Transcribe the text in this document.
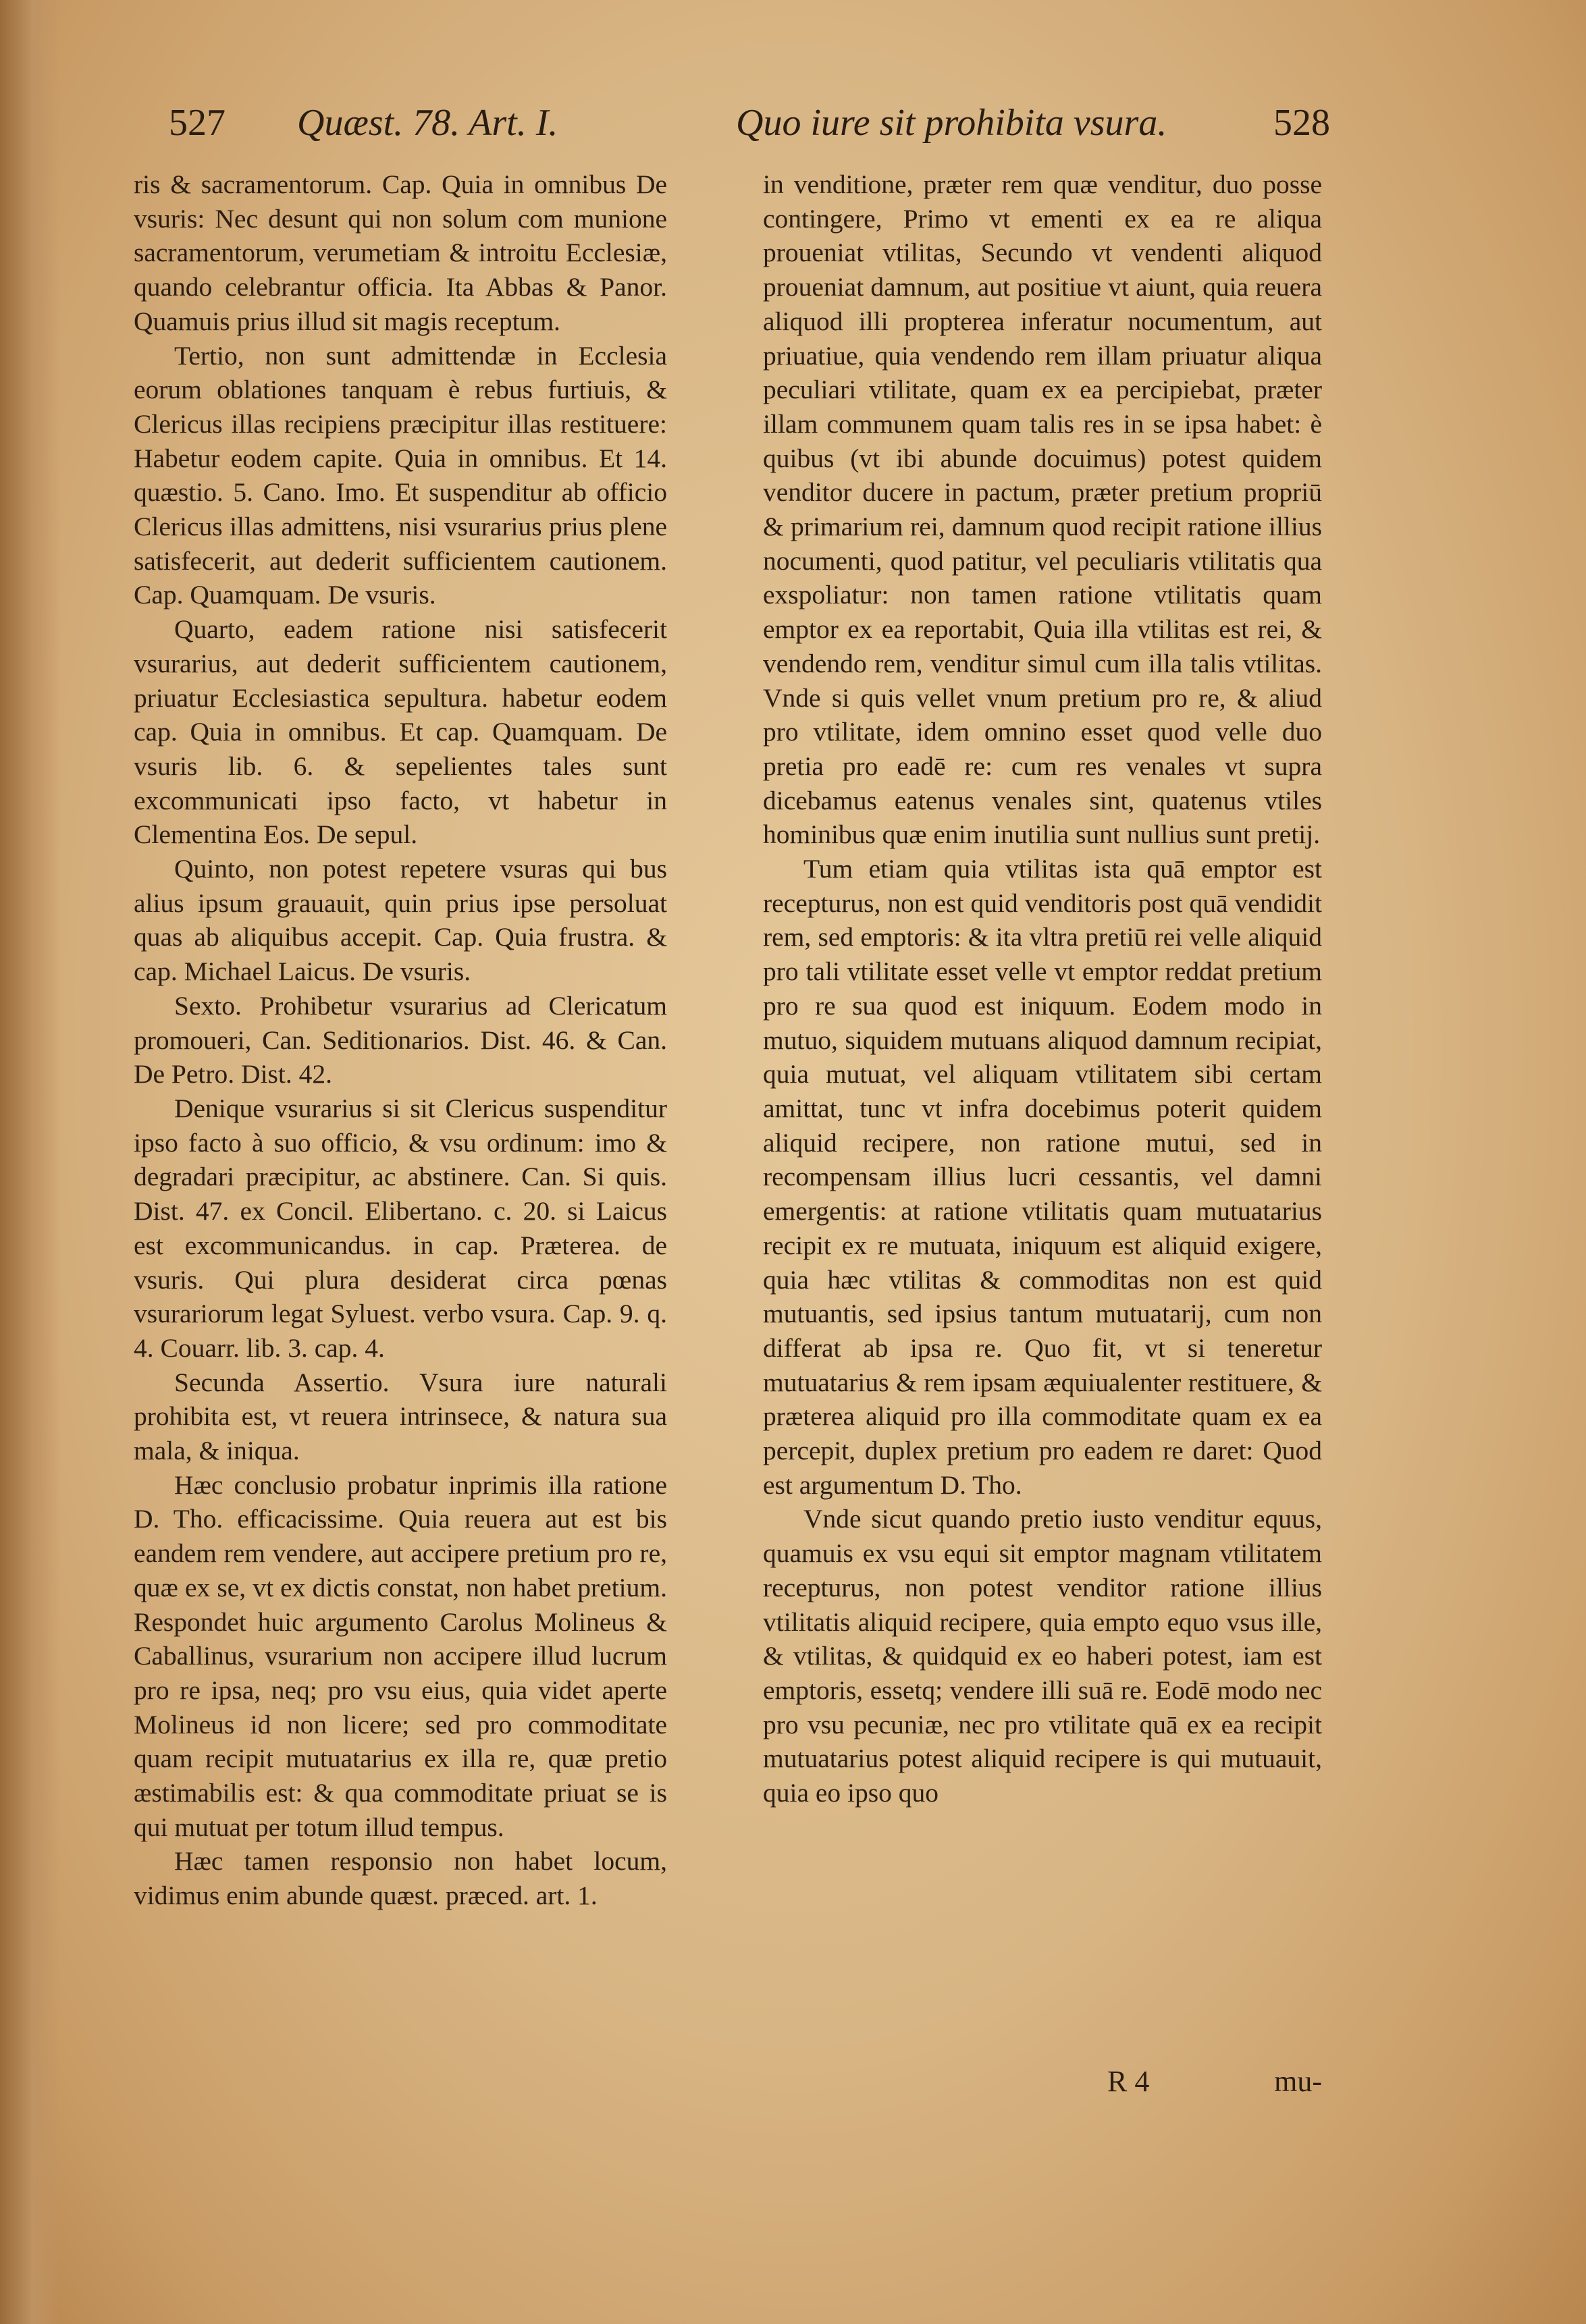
527 Quæst. 78. Art. I.	Quo iure sit prohibita vsura.	528

ris & sacramentorum. Cap. Quia in omnibus De vsuris: Nec desunt qui non solum com munione sacramentorum, verumetiam & introitu Ecclesiæ, quando celebrantur officia. Ita Abbas & Panor. Quamuis prius illud sit magis receptum.

Tertio, non sunt admittendæ in Ecclesia eorum oblationes tanquam è rebus furtiuis, & Clericus illas recipiens præcipitur illas restituere: Habetur eodem capite. Quia in omnibus. Et 14. quæstio. 5. Cano. Imo. Et suspenditur ab officio Clericus illas admittens, nisi vsurarius prius plene satisfecerit, aut dederit sufficientem cautionem. Cap. Quamquam. De vsuris.

Quarto, eadem ratione nisi satisfecerit vsurarius, aut dederit sufficientem cautionem, priuatur Ecclesiastica sepultura. habetur eodem cap. Quia in omnibus. Et cap. Quamquam. De vsuris lib. 6. & sepelientes tales sunt excommunicati ipso facto, vt habetur in Clementina Eos. De sepul.

Quinto, non potest repetere vsuras qui bus alius ipsum grauauit, quin prius ipse persoluat quas ab aliquibus accepit. Cap. Quia frustra. & cap. Michael Laicus. De vsuris.

Sexto. Prohibetur vsurarius ad Clericatum promoueri, Can. Seditionarios. Dist. 46. & Can. De Petro. Dist. 42.

Denique vsurarius si sit Clericus suspenditur ipso facto à suo officio, & vsu ordinum: imo & degradari præcipitur, ac abstinere. Can. Si quis. Dist. 47. ex Concil. Elibertano. c. 20. si Laicus est excommunicandus. in cap. Præterea. de vsuris. Qui plura desiderat circa pœnas vsurariorum legat Syluest. verbo vsura. Cap. 9. q. 4. Couarr. lib. 3. cap. 4.

Secunda Assertio. Vsura iure naturali prohibita est, vt reuera intrinsece, & natura sua mala, & iniqua.

Hæc conclusio probatur inprimis illa ratione D. Tho. efficacissime. Quia reuera aut est bis eandem rem vendere, aut accipere pretium pro re, quæ ex se, vt ex dictis constat, non habet pretium. Respondet huic argumento Carolus Molineus & Caballinus, vsurarium non accipere illud lucrum pro re ipsa, neq; pro vsu eius, quia videt aperte Molineus id non licere; sed pro commoditate quam recipit mutuatarius ex illa re, quæ pretio æstimabilis est: & qua commoditate priuat se is qui mutuat per totum illud tempus.

Hæc tamen responsio non habet locum, vidimus enim abunde quæst. præced. art. 1.

in venditione, præter rem quæ venditur, duo posse contingere, Primo vt ementi ex ea re aliqua proueniat vtilitas, Secundo vt vendenti aliquod proueniat damnum, aut positiue vt aiunt, quia reuera aliquod illi propterea inferatur nocumentum, aut priuatiue, quia vendendo rem illam priuatur aliqua peculiari vtilitate, quam ex ea percipiebat, præter illam communem quam talis res in se ipsa habet: è quibus (vt ibi abunde docuimus) potest quidem venditor ducere in pactum, præter pretium propriū & primarium rei, damnum quod recipit ratione illius nocumenti, quod patitur, vel peculiaris vtilitatis qua exspoliatur: non tamen ratione vtilitatis quam emptor ex ea reportabit, Quia illa vtilitas est rei, & vendendo rem, venditur simul cum illa talis vtilitas. Vnde si quis vellet vnum pretium pro re, & aliud pro vtilitate, idem omnino esset quod velle duo pretia pro eadē re: cum res venales vt supra dicebamus eatenus venales sint, quatenus vtiles hominibus quæ enim inutilia sunt nullius sunt pretij.

Tum etiam quia vtilitas ista quā emptor est recepturus, non est quid venditoris post quā vendidit rem, sed emptoris: & ita vltra pretiū rei velle aliquid pro tali vtilitate esset velle vt emptor reddat pretium pro re sua quod est iniquum. Eodem modo in mutuo, siquidem mutuans aliquod damnum recipiat, quia mutuat, vel aliquam vtilitatem sibi certam amittat, tunc vt infra docebimus poterit quidem aliquid recipere, non ratione mutui, sed in recompensam illius lucri cessantis, vel damni emergentis: at ratione vtilitatis quam mutuatarius recipit ex re mutuata, iniquum est aliquid exigere, quia hæc vtilitas & commoditas non est quid mutuantis, sed ipsius tantum mutuatarij, cum non differat ab ipsa re. Quo fit, vt si teneretur mutuatarius & rem ipsam æquiualenter restituere, & præterea aliquid pro illa commoditate quam ex ea percepit, duplex pretium pro eadem re daret: Quod est argumentum D. Tho.

Vnde sicut quando pretio iusto venditur equus, quamuis ex vsu equi sit emptor magnam vtilitatem recepturus, non potest venditor ratione illius vtilitatis aliquid recipere, quia empto equo vsus ille, & vtilitas, & quidquid ex eo haberi potest, iam est emptoris, essetq; vendere illi suā re. Eodē modo nec pro vsu pecuniæ, nec pro vtilitate quā ex ea recipit mutuatarius potest aliquid recipere is qui mutuauit, quia eo ipso quo

R 4	mu-
